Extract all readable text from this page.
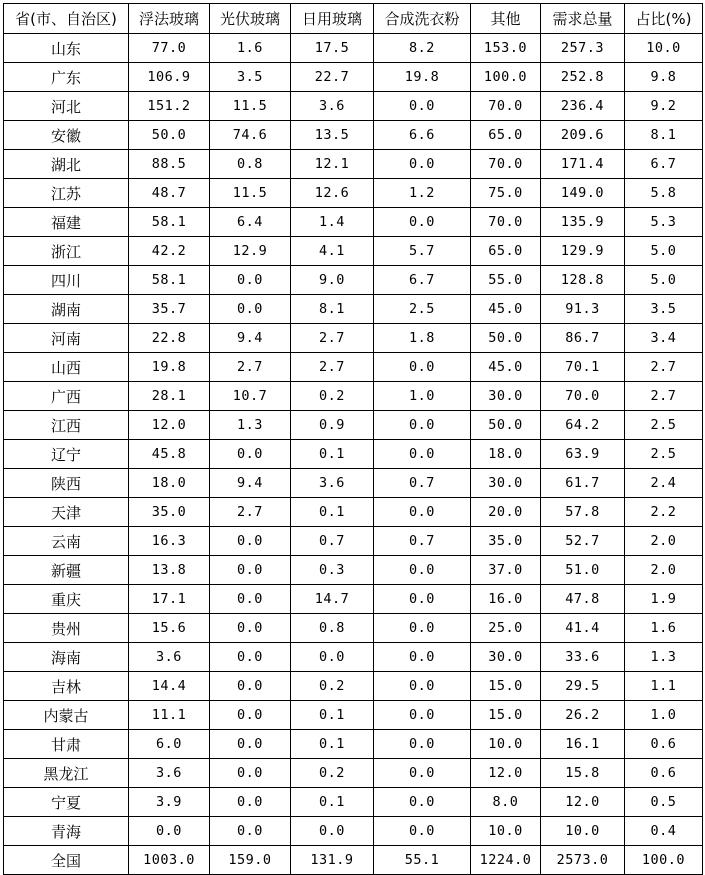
省(市、自治区)	浮法玻璃	光伏玻璃	日用玻璃	合成洗衣粉	其他	需求总量	占比(%)
山东	77.0	1.6	17.5	8.2	153.0	257.3	10.0
广东	106.9	3.5	22.7	19.8	100.0	252.8	9.8
河北	151.2	11.5	3.6	0.0	70.0	236.4	9.2
安徽	50.0	74.6	13.5	6.6	65.0	209.6	8.1
湖北	88.5	0.8	12.1	0.0	70.0	171.4	6.7
江苏	48.7	11.5	12.6	1.2	75.0	149.0	5.8
福建	58.1	6.4	1.4	0.0	70.0	135.9	5.3
浙江	42.2	12.9	4.1	5.7	65.0	129.9	5.0
四川	58.1	0.0	9.0	6.7	55.0	128.8	5.0
湖南	35.7	0.0	8.1	2.5	45.0	91.3	3.5
河南	22.8	9.4	2.7	1.8	50.0	86.7	3.4
山西	19.8	2.7	2.7	0.0	45.0	70.1	2.7
广西	28.1	10.7	0.2	1.0	30.0	70.0	2.7
江西	12.0	1.3	0.9	0.0	50.0	64.2	2.5
辽宁	45.8	0.0	0.1	0.0	18.0	63.9	2.5
陕西	18.0	9.4	3.6	0.7	30.0	61.7	2.4
天津	35.0	2.7	0.1	0.0	20.0	57.8	2.2
云南	16.3	0.0	0.7	0.7	35.0	52.7	2.0
新疆	13.8	0.0	0.3	0.0	37.0	51.0	2.0
重庆	17.1	0.0	14.7	0.0	16.0	47.8	1.9
贵州	15.6	0.0	0.8	0.0	25.0	41.4	1.6
海南	3.6	0.0	0.0	0.0	30.0	33.6	1.3
吉林	14.4	0.0	0.2	0.0	15.0	29.5	1.1
内蒙古	11.1	0.0	0.1	0.0	15.0	26.2	1.0
甘肃	6.0	0.0	0.1	0.0	10.0	16.1	0.6
黑龙江	3.6	0.0	0.2	0.0	12.0	15.8	0.6
宁夏	3.9	0.0	0.1	0.0	8.0	12.0	0.5
青海	0.0	0.0	0.0	0.0	10.0	10.0	0.4
全国	1003.0	159.0	131.9	55.1	1224.0	2573.0	100.0
